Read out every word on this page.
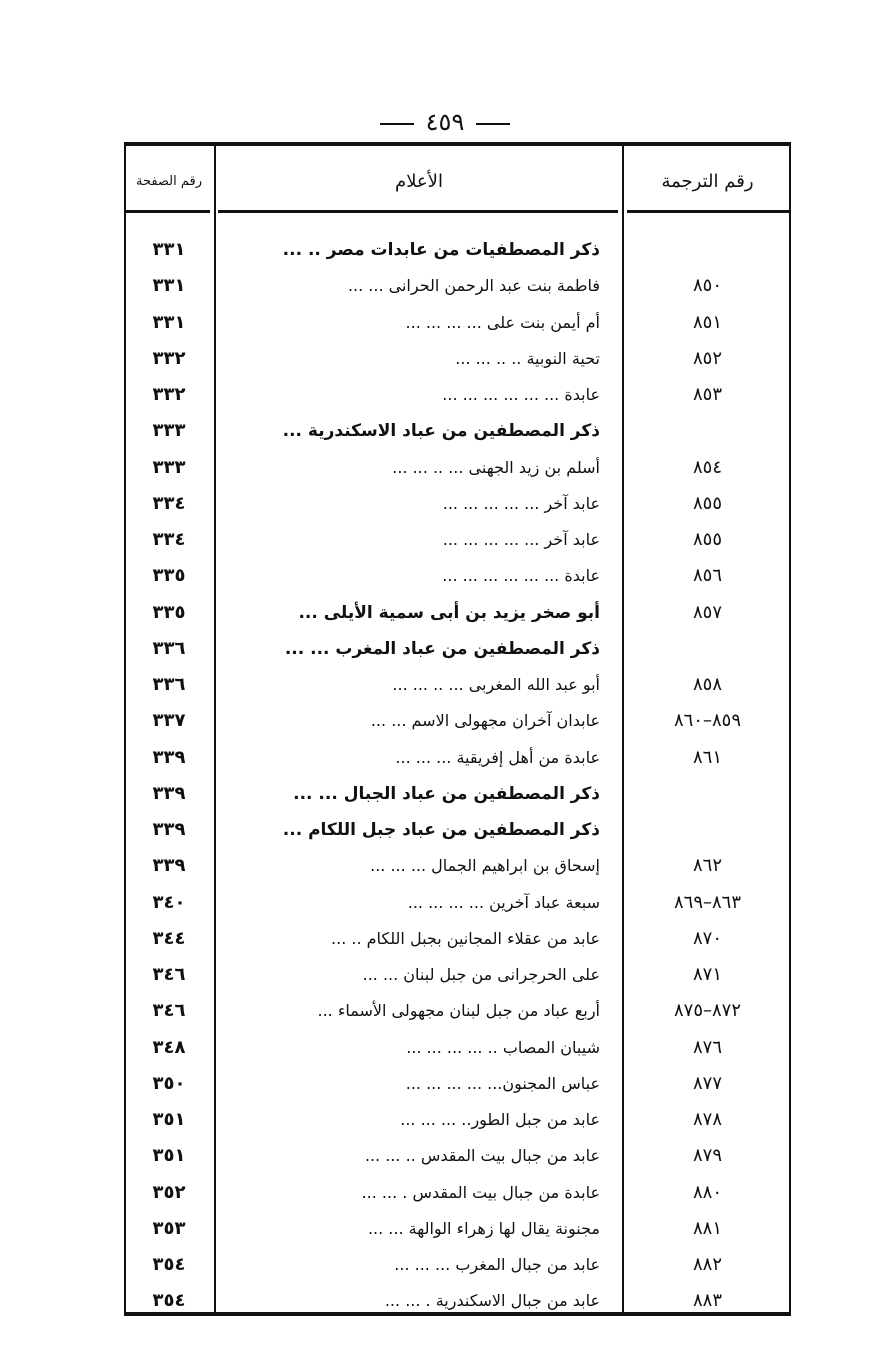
٤٥٩
رقم الصفحة	الأعلام	رقم الترجمة
٣٣١	ذكر المصطفيات من عابدات مصر .. ...
٣٣١	فاطمة بنت عبد الرحمن الحرانى ... ...	٨٥٠
٣٣١	أم أيمن بنت على ... ... ... ...	٨٥١
٣٣٢	تحية النوبية .. .. ... ...	٨٥٢
٣٣٢	عابدة ... ... ... ... ... ...	٨٥٣
٣٣٣	ذكر المصطفين من عباد الاسكندرية ...
٣٣٣	أسلم بن زيد الجهنى ... .. ... ...	٨٥٤
٣٣٤	عابد آخر ... ... ... ... ...	٨٥٥
٣٣٤	عابد آخر ... ... ... ... ...	٨٥٥
٣٣٥	عابدة ... ... ... ... ... ...	٨٥٦
٣٣٥	أبو صخر يزيد بن أبى سمية الأيلى ...	٨٥٧
٣٣٦	ذكر المصطفين من عباد المغرب ... ...
٣٣٦	أبو عبد الله المغربى ... .. ... ...	٨٥٨
٣٣٧	عابدان آخران مجهولى الاسم ... ...	٨٥٩–٨٦٠
٣٣٩	عابدة من أهل إفريقية ... ... ...	٨٦١
٣٣٩	ذكر المصطفين من عباد الجبال ... ...
٣٣٩	ذكر المصطفين من عباد جبل اللكام ...
٣٣٩	إسحاق بن ابراهيم الجمال ... ... ...	٨٦٢
٣٤٠	سبعة عباد آخرين ... ... ... ...	٨٦٣–٨٦٩
٣٤٤	عابد من عقلاء المجانين بجبل اللكام .. ...	٨٧٠
٣٤٦	على الحرجرانى من جبل لبنان ... ...	٨٧١
٣٤٦	أربع عباد من جبل لبنان مجهولى الأسماء ...	٨٧٢–٨٧٥
٣٤٨	شيبان المصاب .. ... ... ... ...	٨٧٦
٣٥٠	عباس المجنون... ... ... ... ...	٨٧٧
٣٥١	عابد من جبل الطور.. ... ... ...	٨٧٨
٣٥١	عابد من جبال بيت المقدس .. ... ...	٨٧٩
٣٥٢	عابدة من جبال بيت المقدس . ... ...	٨٨٠
٣٥٣	مجنونة يقال لها زهراء الوالهة ... ...	٨٨١
٣٥٤	عابد من جبال المغرب ... ... ...	٨٨٢
٣٥٤	عابد من جبال الاسكندرية . ... ...	٨٨٣
